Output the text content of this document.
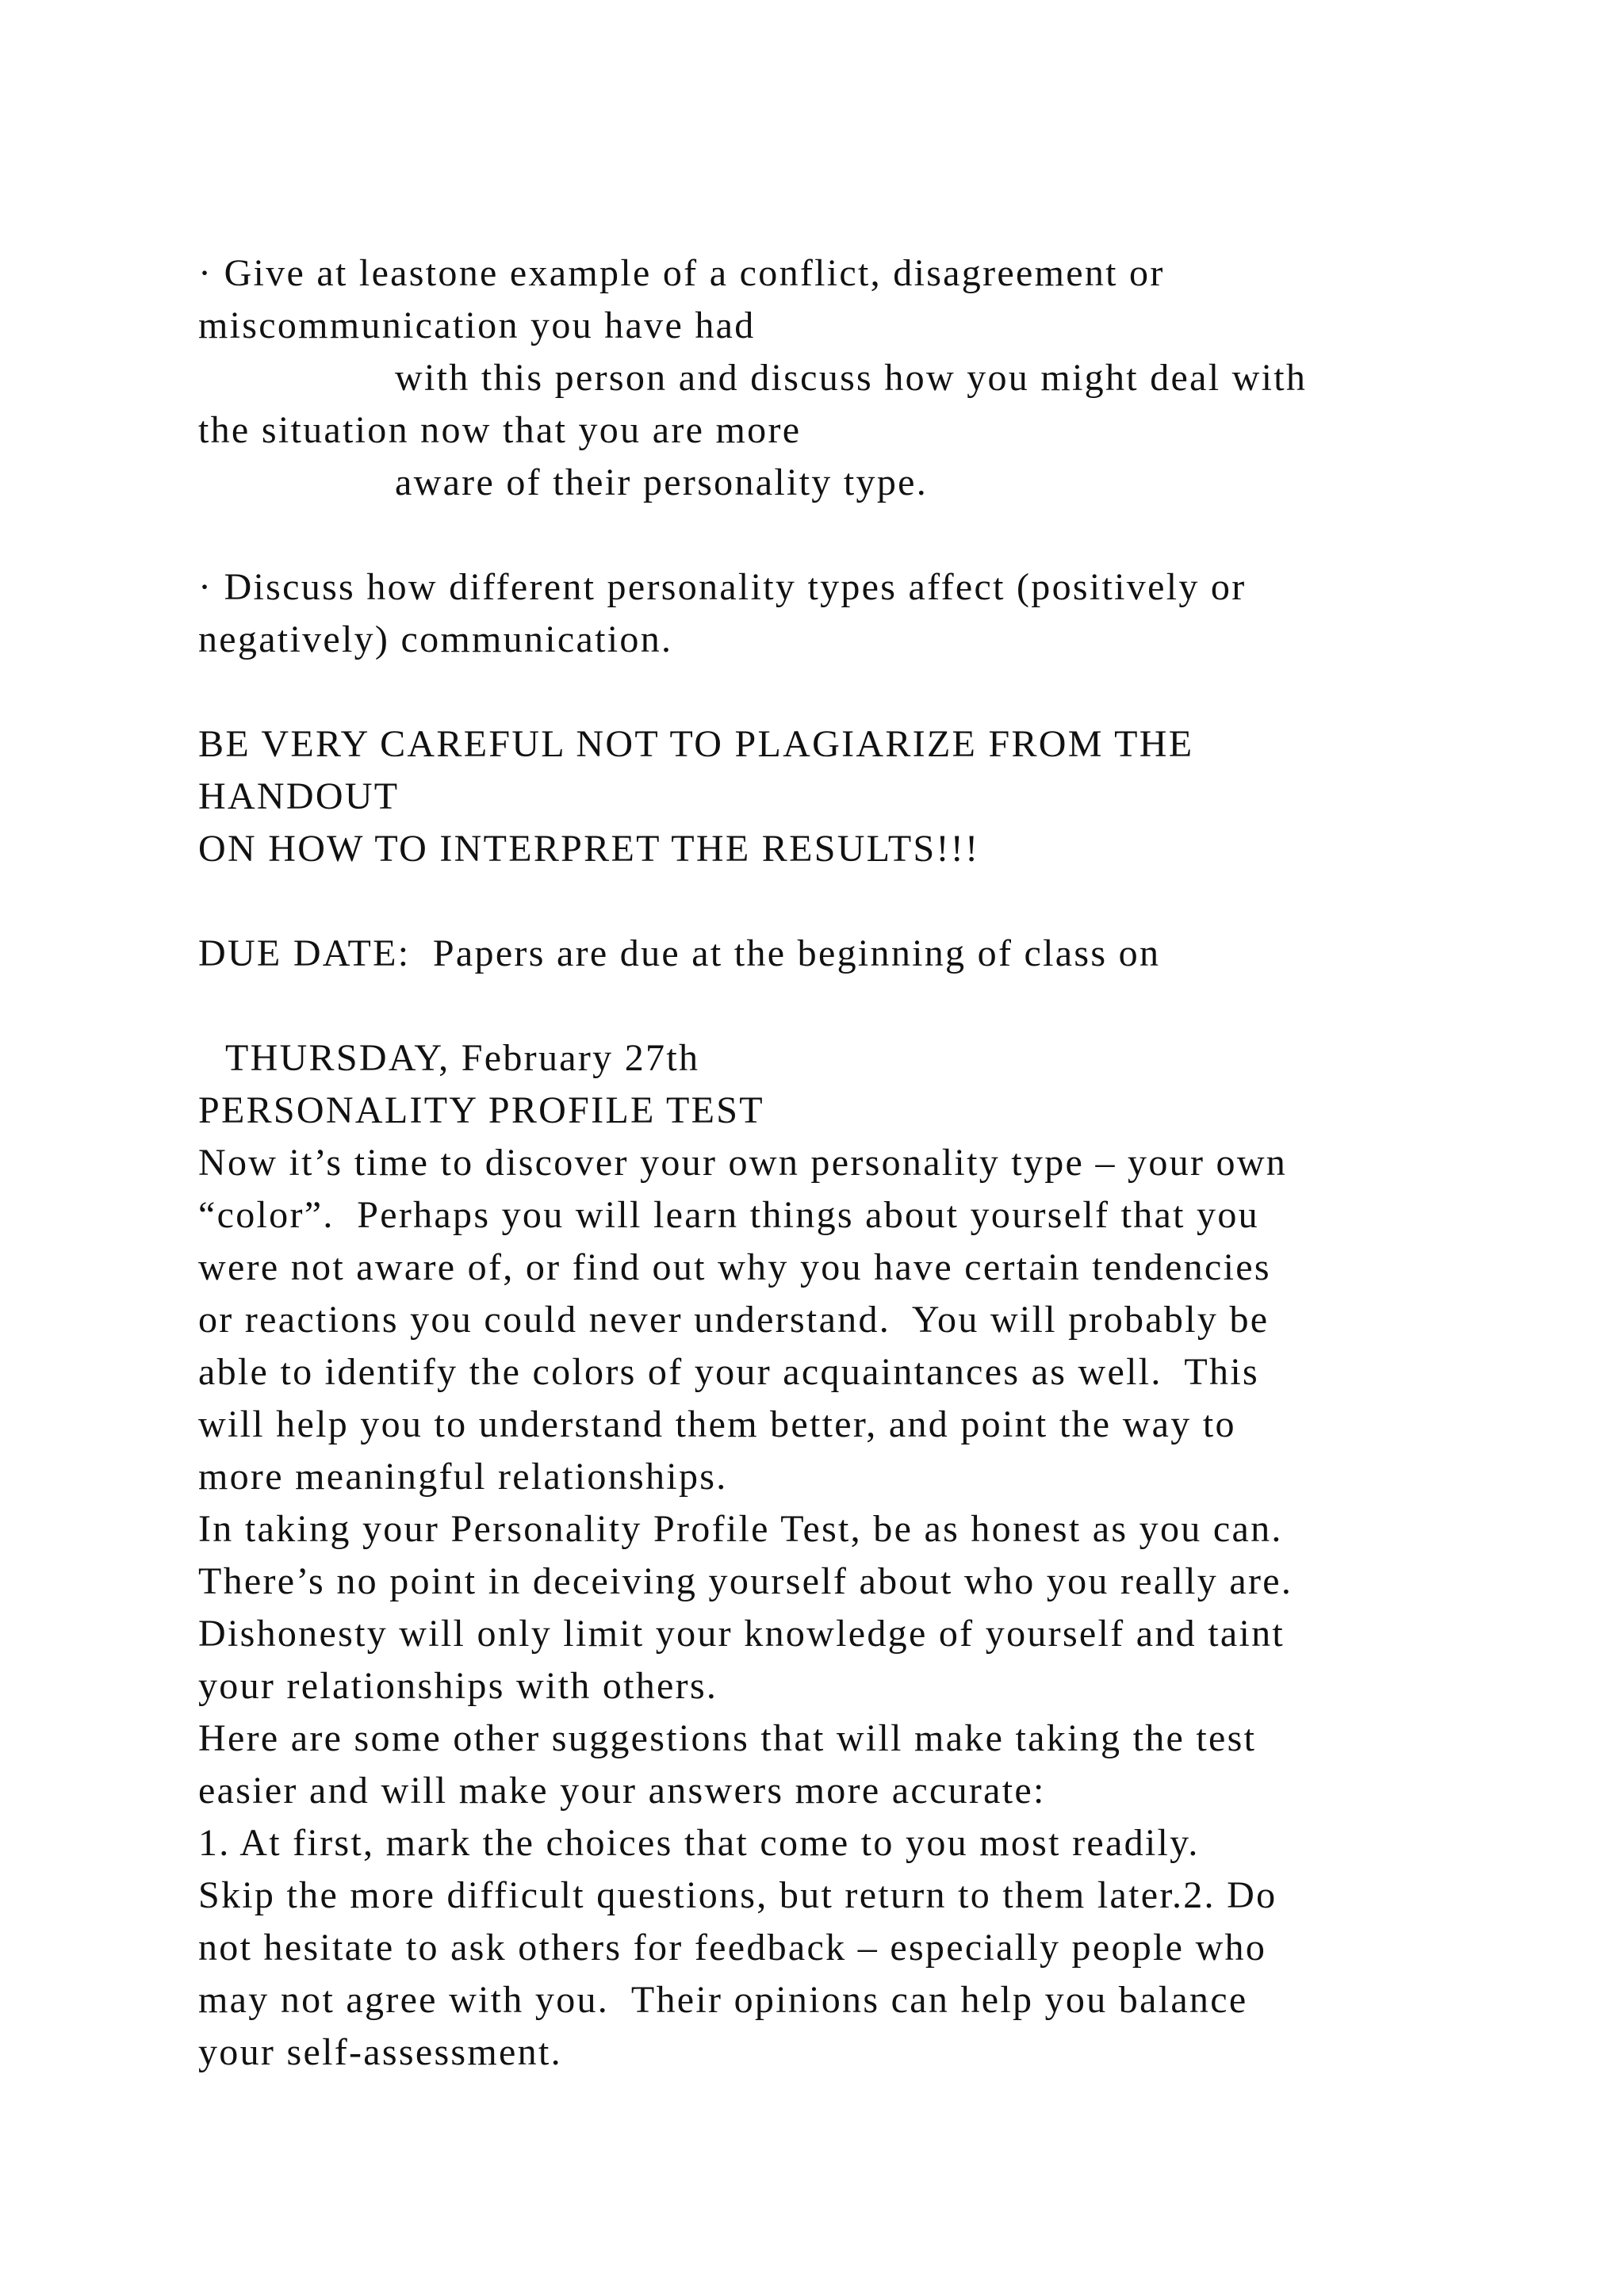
· Give at leastone example of a conflict, disagreement or
miscommunication you have had
with this person and discuss how you might deal with
the situation now that you are more
aware of their personality type.
· Discuss how different personality types affect (positively or
negatively) communication.
BE VERY CAREFUL NOT TO PLAGIARIZE FROM THE
HANDOUT
ON HOW TO INTERPRET THE RESULTS!!!
DUE DATE:  Papers are due at the beginning of class on
THURSDAY, February 27th
PERSONALITY PROFILE TEST
Now it’s time to discover your own personality type – your own
“color”.  Perhaps you will learn things about yourself that you
were not aware of, or find out why you have certain tendencies
or reactions you could never understand.  You will probably be
able to identify the colors of your acquaintances as well.  This
will help you to understand them better, and point the way to
more meaningful relationships.
In taking your Personality Profile Test, be as honest as you can.
There’s no point in deceiving yourself about who you really are.
Dishonesty will only limit your knowledge of yourself and taint
your relationships with others.
Here are some other suggestions that will make taking the test
easier and will make your answers more accurate:
1. At first, mark the choices that come to you most readily.
Skip the more difficult questions, but return to them later.2. Do
not hesitate to ask others for feedback – especially people who
may not agree with you.  Their opinions can help you balance
your self-assessment.
